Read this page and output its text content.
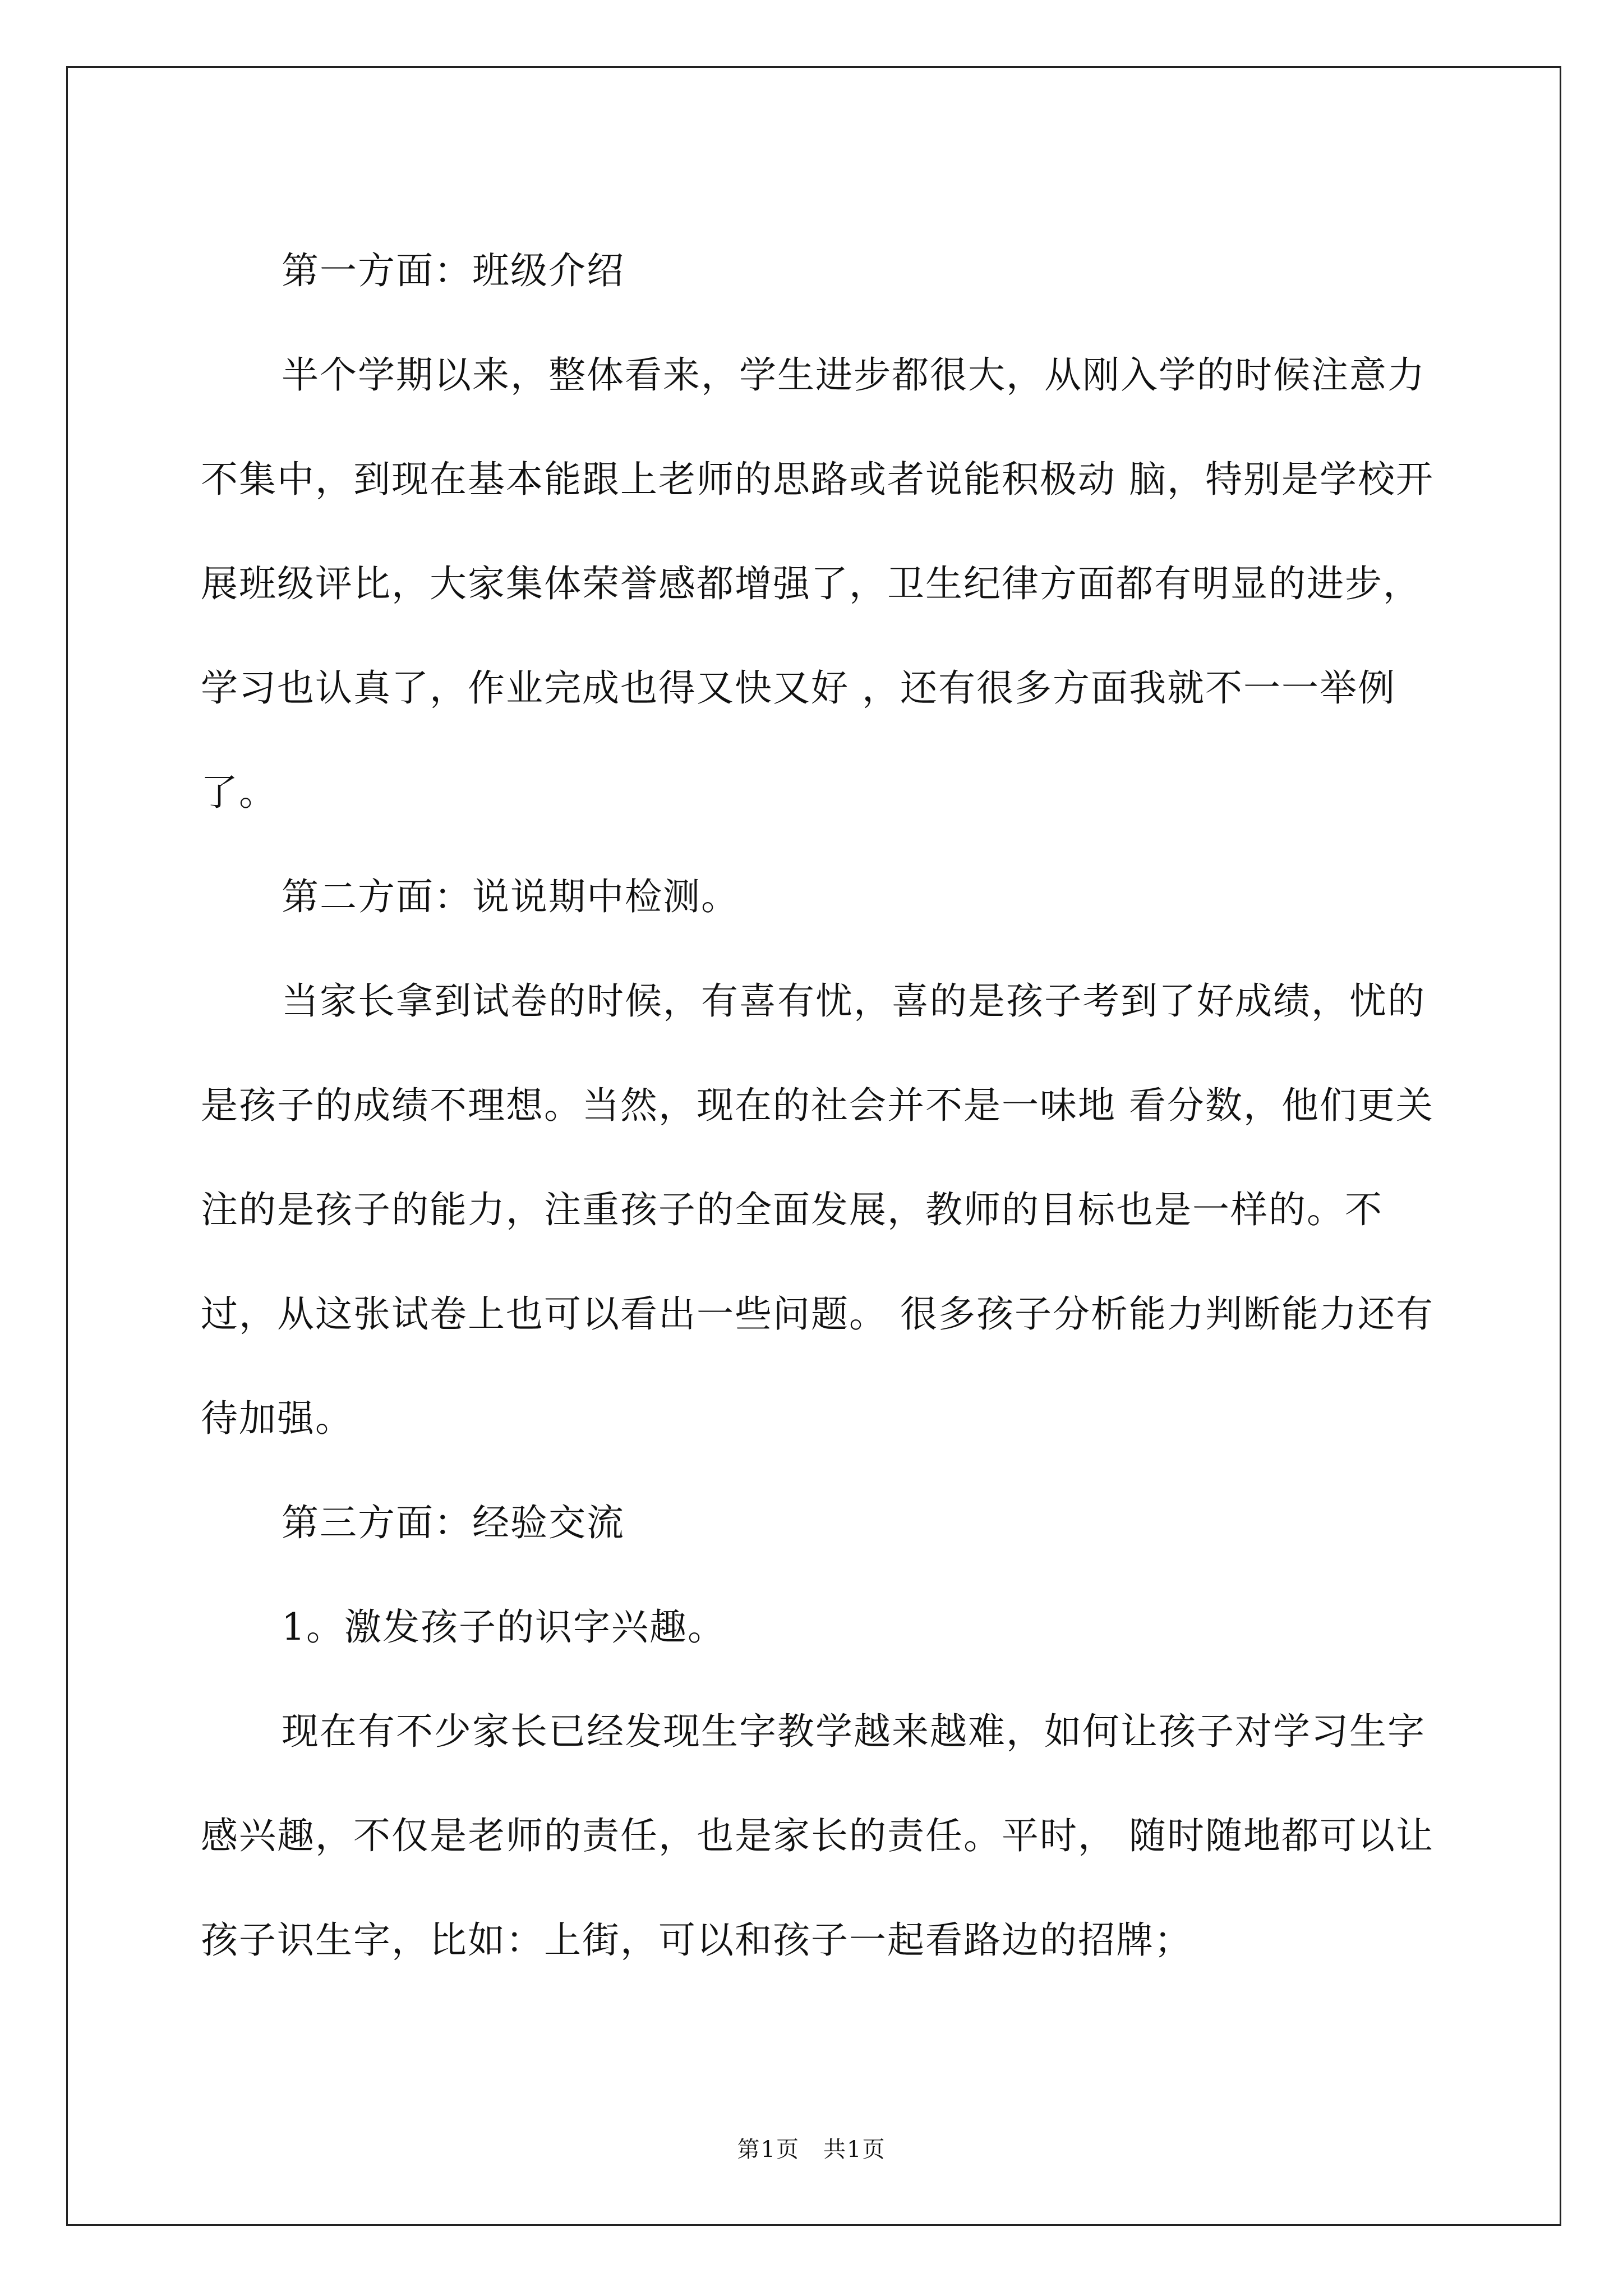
第一方面：班级介绍

半个学期以来，整体看来，学生进步都很大，从刚入学的时候注意力不集中，到现在基本能跟上老师的思路或者说能积极动 脑，特别是学校开展班级评比，大家集体荣誉感都增强了，卫生纪律方面都有明显的进步，学习也认真了，作业完成也得又快又好 ，还有很多方面我就不一一举例了。

第二方面：说说期中检测。

当家长拿到试卷的时候，有喜有忧，喜的是孩子考到了好成绩，忧的是孩子的成绩不理想。当然，现在的社会并不是一味地 看分数，他们更关注的是孩子的能力，注重孩子的全面发展，教师的目标也是一样的。不过，从这张试卷上也可以看出一些问题。 很多孩子分析能力判断能力还有待加强。

第三方面：经验交流

1。激发孩子的识字兴趣。

现在有不少家长已经发现生字教学越来越难，如何让孩子对学习生字感兴趣，不仅是老师的责任，也是家长的责任。平时， 随时随地都可以让孩子识生字，比如：上街，可以和孩子一起看路边的招牌；

第1页　共1页
